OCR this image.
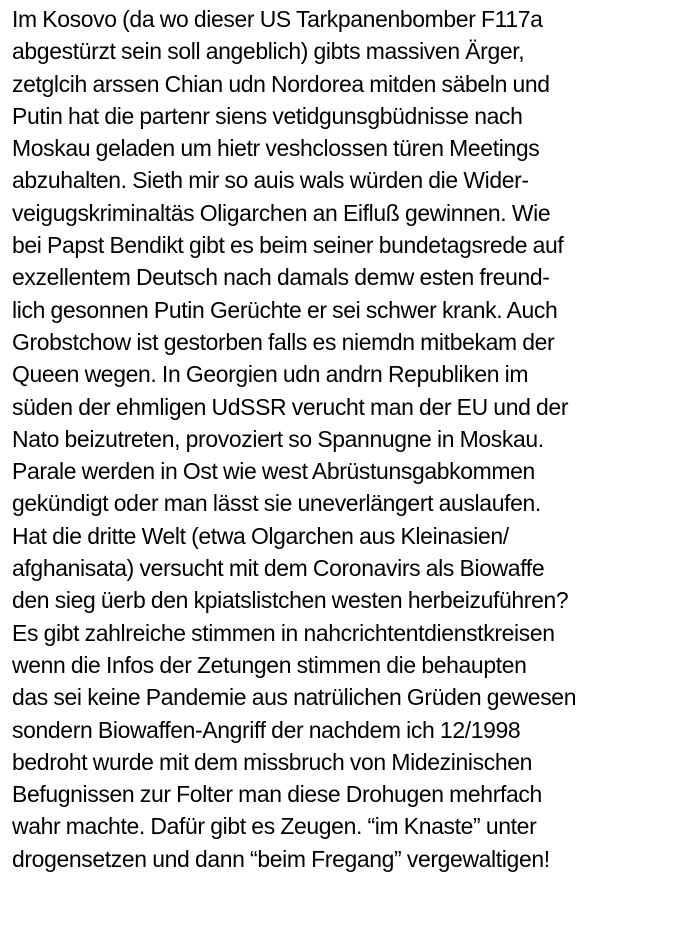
Im Kosovo (da wo dieser US Tarkpanenbomber F117a
abgestürzt sein soll angeblich) gibts massiven Ärger,
zetglcih arssen Chian udn Nordorea mitden säbeln und
Putin hat die partenr siens vetidgunsgbüdnisse nach
Moskau geladen um hietr veshclossen türen Meetings
abzuhalten. Sieth mir so auis wals würden die Wider-
veigugskriminaltäs Oligarchen an Eifluß gewinnen. Wie
bei Papst Bendikt gibt es beim seiner bundetagsrede auf
exzellentem Deutsch nach damals demw esten freund-
lich gesonnen Putin Gerüchte er sei schwer krank. Auch
Grobstchow ist gestorben falls es niemdn mitbekam der
Queen wegen. In Georgien udn andrn Republiken im
süden der ehmligen UdSSR verucht man der EU und der
Nato beizutreten, provoziert so Spannugne in Moskau.
Parale werden in Ost wie west Abrüstunsgabkommen
gekündigt oder man lässt sie uneverlängert auslaufen.
Hat die dritte Welt (etwa Olgarchen aus Kleinasien/
afghanisata) versucht mit dem Coronavirs als Biowaffe
den sieg üerb den kpiatslistchen westen herbeizuführen?
Es gibt zahlreiche stimmen in nahcrichtentdienstkreisen
wenn die Infos der Zetungen stimmen die behaupten
das sei keine Pandemie aus natrülichen Grüden gewesen
sondern Biowaffen-Angriff der nachdem ich 12/1998
bedroht wurde mit dem missbruch von Midezinischen
Befugnissen zur Folter man diese Drohugen mehrfach
wahr machte. Dafür gibt es Zeugen. “im Knaste” unter
drogensetzen und dann “beim Fregang” vergewaltigen!
